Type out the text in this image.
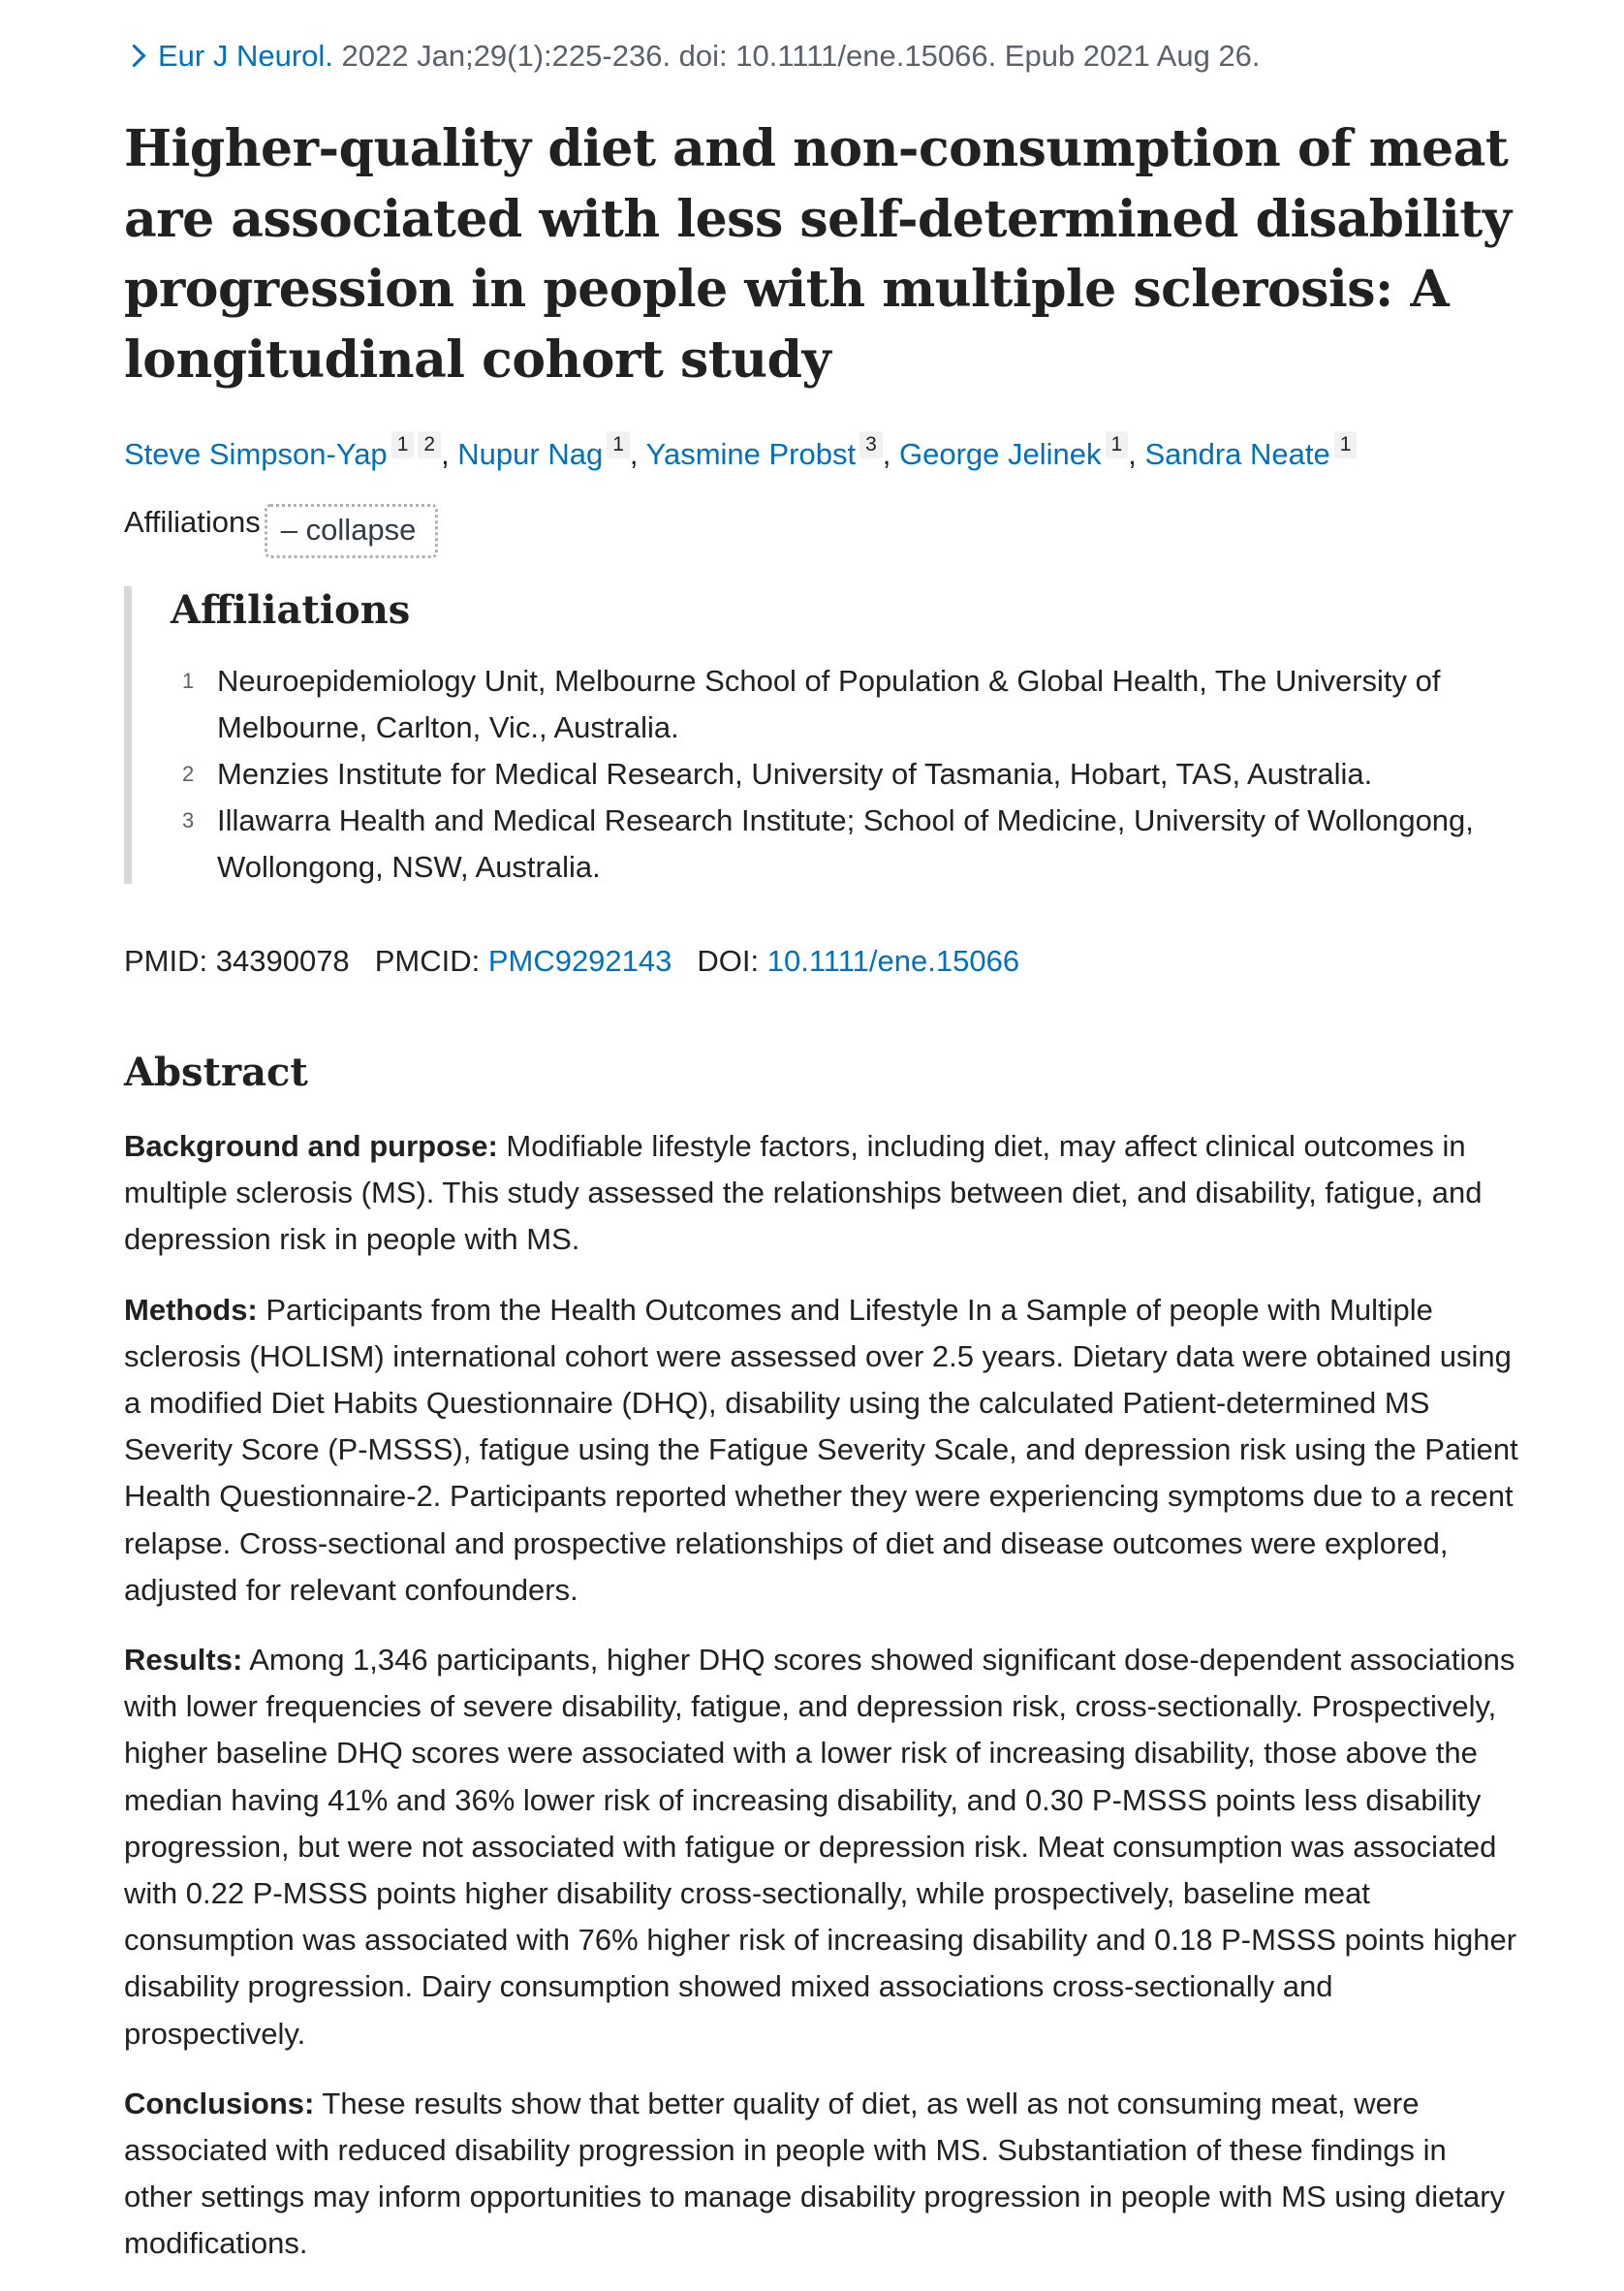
Eur J Neurol. 2022 Jan;29(1):225-236. doi: 10.1111/ene.15066. Epub 2021 Aug 26.
Higher-quality diet and non-consumption of meat are associated with less self-determined disability progression in people with multiple sclerosis: A longitudinal cohort study
Steve Simpson-Yap $^1$ $^2$ , Nupur Nag $^1$ , Yasmine Probst $^3$ , George Jelinek $^1$ , Sandra Neate $^1$
Affiliations – collapse
Affiliations
1 Neuroepidemiology Unit, Melbourne School of Population & Global Health, The University of Melbourne, Carlton, Vic., Australia.
2 Menzies Institute for Medical Research, University of Tasmania, Hobart, TAS, Australia.
3 Illawarra Health and Medical Research Institute; School of Medicine, University of Wollongong, Wollongong, NSW, Australia.
PMID: 34390078 PMCID: PMC9292143 DOI: 10.1111/ene.15066
Abstract

Background and purpose: Modifiable lifestyle factors, including diet, may affect clinical outcomes in multiple sclerosis (MS). This study assessed the relationships between diet, and disability, fatigue, and depression risk in people with MS.

Methods: Participants from the Health Outcomes and Lifestyle In a Sample of people with Multiple sclerosis (HOLISM) international cohort were assessed over 2.5 years. Dietary data were obtained using a modified Diet Habits Questionnaire (DHQ), disability using the calculated Patient-determined MS Severity Score (P-MSSS), fatigue using the Fatigue Severity Scale, and depression risk using the Patient Health Questionnaire-2. Participants reported whether they were experiencing symptoms due to a recent relapse. Cross-sectional and prospective relationships of diet and disease outcomes were explored, adjusted for relevant confounders.

Results: Among 1,346 participants, higher DHQ scores showed significant dose-dependent associations with lower frequencies of severe disability, fatigue, and depression risk, cross-sectionally. Prospectively, higher baseline DHQ scores were associated with a lower risk of increasing disability, those above the median having 41% and 36% lower risk of increasing disability, and 0.30 P-MSSS points less disability progression, but were not associated with fatigue or depression risk. Meat consumption was associated with 0.22 P-MSSS points higher disability cross-sectionally, while prospectively, baseline meat consumption was associated with 76% higher risk of increasing disability and 0.18 P-MSSS points higher disability progression. Dairy consumption showed mixed associations cross-sectionally and prospectively.

Conclusions: These results show that better quality of diet, as well as not consuming meat, were associated with reduced disability progression in people with MS. Substantiation of these findings in other settings may inform opportunities to manage disability progression in people with MS using dietary modifications.
